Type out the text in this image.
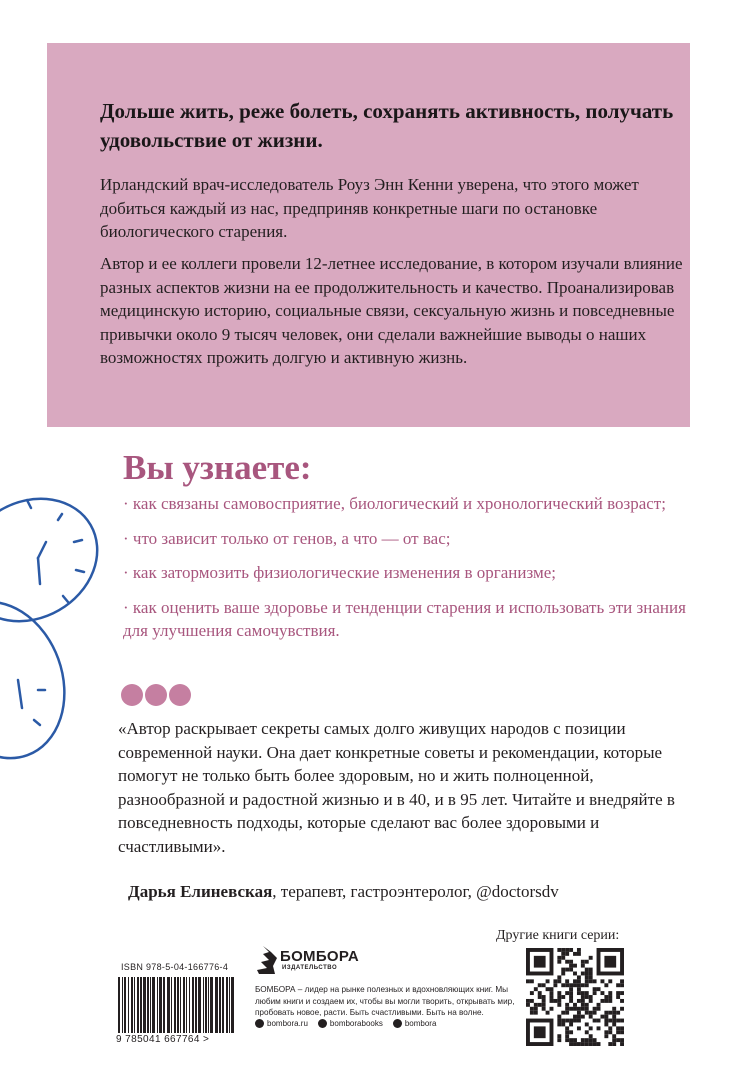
Дольше жить, реже болеть, сохранять активность, получать удовольствие от жизни.

Ирландский врач-исследователь Роуз Энн Кенни уверена, что этого может добиться каждый из нас, предприняв конкретные шаги по остановке биологического старения.

Автор и ее коллеги провели 12-летнее исследование, в котором изучали влияние разных аспектов жизни на ее продолжительность и качество. Проанализировав медицинскую историю, социальные связи, сексуальную жизнь и повседневные привычки около 9 тысяч человек, они сделали важнейшие выводы о наших возможностях прожить долгую и активную жизнь.

Вы узнаете:
· как связаны самовосприятие, биологический и хронологический возраст;
· что зависит только от генов, а что — от вас;
· как затормозить физиологические изменения в организме;
· как оценить ваше здоровье и тенденции старения и использовать эти знания для улучшения самочувствия.

«Автор раскрывает секреты самых долго живущих народов с позиции современной науки. Она дает конкретные советы и рекомендации, которые помогут не только быть более здоровым, но и жить полноценной, разнообразной и радостной жизнью и в 40, и в 95 лет. Читайте и внедряйте в повседневность подходы, которые сделают вас более здоровыми и счастливыми».

Дарья Елиневская, терапевт, гастроэнтеролог, @doctorsdv

ISBN 978-5-04-166776-4
9 785041 667764 >
БОМБОРА
ИЗДАТЕЛЬСТВО

БОМБОРА – лидер на рынке полезных и вдохновляющих книг. Мы любим книги и создаем их, чтобы вы могли творить, открывать мир, пробовать новое, расти. Быть счастливыми. Быть на волне.

bombora.ru	bomborabooks	bombora

Другие книги серии:
